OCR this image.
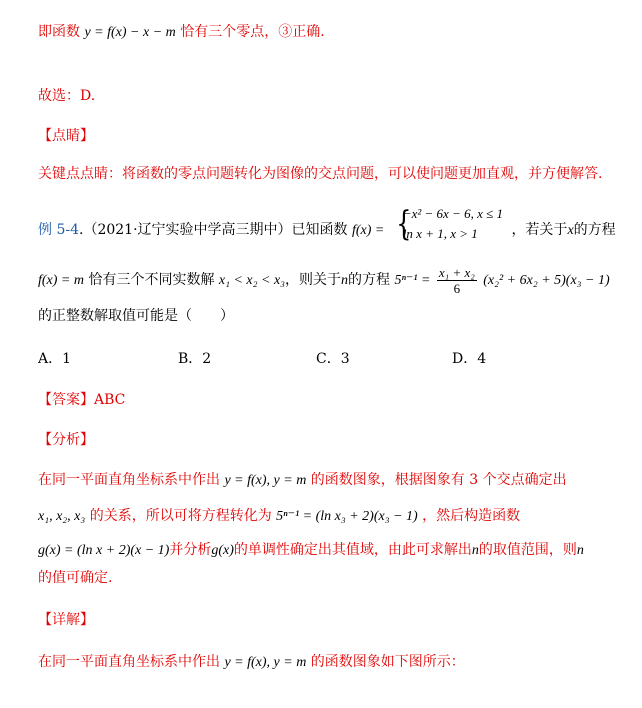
即函数 y = f(x) − x − m 恰有三个零点，③正确.
故选：D.
【点睛】
关键点点睛：将函数的零点问题转化为图像的交点问题，可以使问题更加直观，并方便解答.
例 5-4.（2021·辽宁实验中学高三期中）已知函数 f(x) = {
−x² − 6x − 6, x ≤ 1
ln x + 1, x > 1	，若关于x的方程
f(x) = m 恰有三个不同实数解 x₁ < x₂ < x₃，则关于n的方程 $5^{n-1} = \frac{\text{x₁ + x₂}}{6} (x_2^2 + 6x_2 + 5)(x_3 - 1)$
的正整数解取值可能是（　　）
A．1	B．2	C．3	D．4
【答案】ABC
【分析】
在同一平面直角坐标系中作出 y = f(x), y = m 的函数图象，根据图象有 3 个交点确定出
x₁, x₂, x₃ 的关系，所以可将方程转化为 5ⁿ⁻¹ = (ln x₃ + 2)(x₃ − 1) ，然后构造函数
g(x) = (ln x + 2)(x − 1)并分析g(x)的单调性确定出其值域，由此可求解出n的取值范围，则n
的值可确定.
【详解】
在同一平面直角坐标系中作出 y = f(x), y = m 的函数图象如下图所示：
